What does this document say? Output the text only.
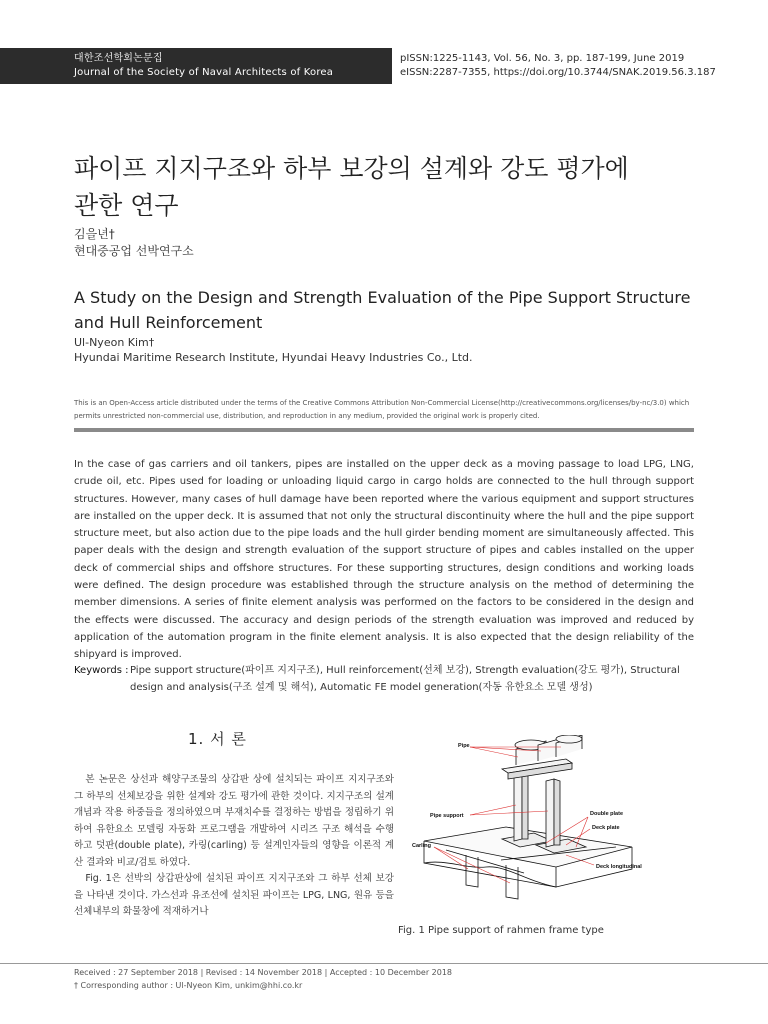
대한조선학회논문집
Journal of the Society of Naval Architects of Korea
pISSN:1225-1143, Vol. 56, No. 3, pp. 187-199, June 2019
eISSN:2287-7355, https://doi.org/10.3744/SNAK.2019.56.3.187
파이프 지지구조와 하부 보강의 설계와 강도 평가에
관한 연구
김을년†
현대중공업 선박연구소
A Study on the Design and Strength Evaluation of the Pipe Support Structure
and Hull Reinforcement
Ul-Nyeon Kim†
Hyundai Maritime Research Institute, Hyundai Heavy Industries Co., Ltd.
This is an Open-Access article distributed under the terms of the Creative Commons Attribution Non-Commercial License(http://creativecommons.org/licenses/by-nc/3.0) which
permits unrestricted non-commercial use, distribution, and reproduction in any medium, provided the original work is properly cited.
In the case of gas carriers and oil tankers, pipes are installed on the upper deck as a moving passage to load LPG, LNG, crude oil, etc. Pipes used for loading or unloading liquid cargo in cargo holds are connected to the hull through support structures. However, many cases of hull damage have been reported where the various equipment and support structures are installed on the upper deck. It is assumed that not only the structural discontinuity where the hull and the pipe support structure meet, but also action due to the pipe loads and the hull girder bending moment are simultaneously affected. This paper deals with the design and strength evaluation of the support structure of pipes and cables installed on the upper deck of commercial ships and offshore structures. For these supporting structures, design conditions and working loads were defined. The design procedure was established through the structure analysis on the method of determining the member dimensions. A series of finite element analysis was performed on the factors to be considered in the design and the effects were discussed. The accuracy and design periods of the strength evaluation was improved and reduced by application of the automation program in the finite element analysis. It is also expected that the design reliability of the shipyard is improved.
Keywords : Pipe support structure(파이프 지지구조), Hull reinforcement(선체 보강), Strength evaluation(강도 평가), Structural design and analysis(구조 설계 및 해석), Automatic FE model generation(자동 유한요소 모델 생성)
1. 서 론

본 논문은 상선과 해양구조물의 상갑판 상에 설치되는 파이프 지지구조와 그 하부의 선체보강을 위한 설계와 강도 평가에 관한 것이다. 지지구조의 설계 개념과 작용 하중들을 정의하였으며 부재치수를 결정하는 방법을 정립하기 위하여 유한요소 모델링 자동화 프로그램을 개발하여 시리즈 구조 해석을 수행하고 덧판(double plate), 카링(carling) 등 설계인자들의 영향을 이론적 계산 결과와 비교/검토 하였다.

Fig. 1은 선박의 상갑판상에 설치된 파이프 지지구조와 그 하부 선체 보강을 나타낸 것이다. 가스선과 유조선에 설치된 파이프는 LPG, LNG, 원유 등을 선체내부의 화물창에 적재하거나

Pipe
Pipe support	Double plate
Deck plate
Carling
Deck longitudinal
Fig. 1 Pipe support of rahmen frame type
Received : 27 September 2018 | Revised : 14 November 2018 | Accepted : 10 December 2018
† Corresponding author : Ul-Nyeon Kim, unkim@hhi.co.kr
